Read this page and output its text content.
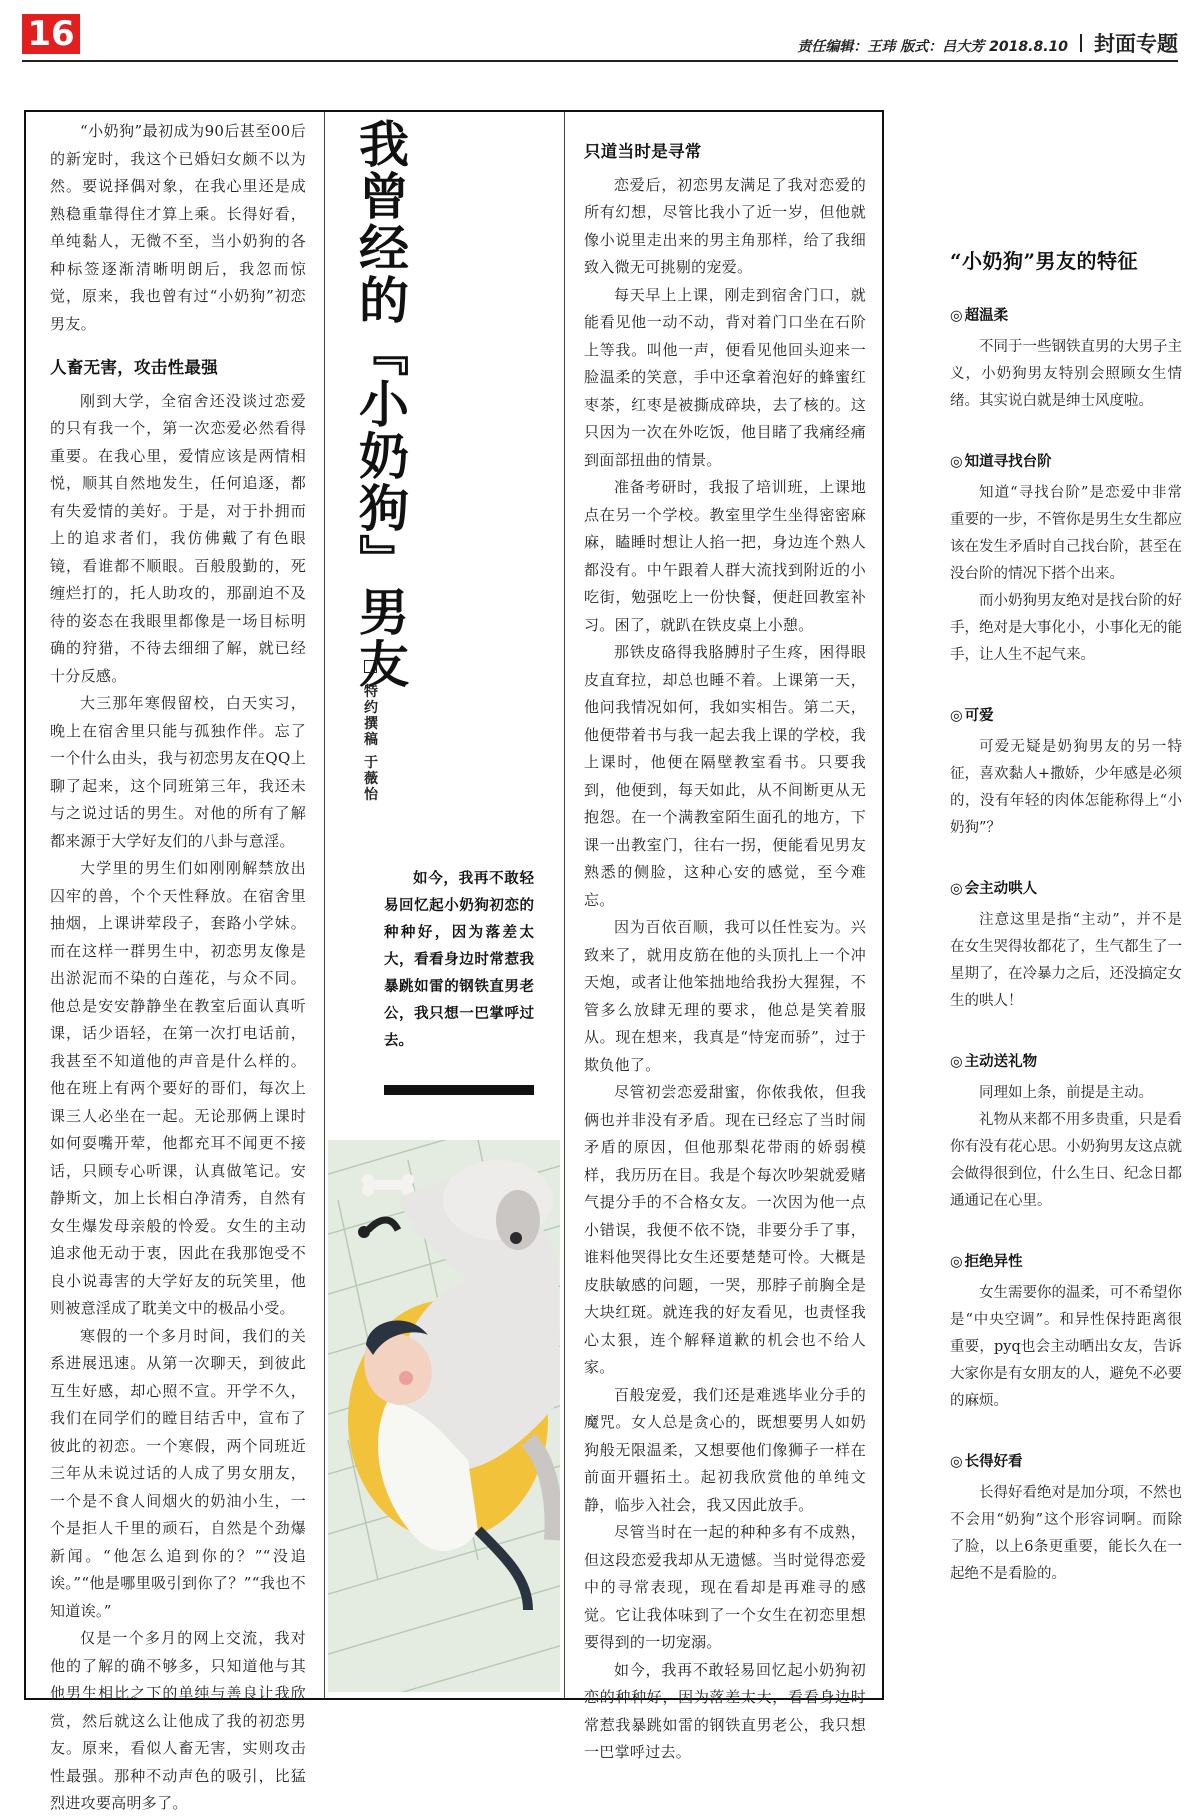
16	责任编辑：王玮 版式：吕大芳 2018.8.10 封面专题

“小奶狗”最初成为90后甚至00后的新宠时，我这个已婚妇女颇不以为然。要说择偶对象，在我心里还是成熟稳重靠得住才算上乘。长得好看，单纯黏人，无微不至，当小奶狗的各种标签逐渐清晰明朗后，我忽而惊觉，原来，我也曾有过“小奶狗”初恋男友。

人畜无害，攻击性最强

刚到大学，全宿舍还没谈过恋爱的只有我一个，第一次恋爱必然看得重要。在我心里，爱情应该是两情相悦，顺其自然地发生，任何追逐，都有失爱情的美好。于是，对于扑拥而上的追求者们，我仿佛戴了有色眼镜，看谁都不顺眼。百般殷勤的，死缠烂打的，托人助攻的，那副迫不及待的姿态在我眼里都像是一场目标明确的狩猎，不待去细细了解，就已经十分反感。

大三那年寒假留校，白天实习，晚上在宿舍里只能与孤独作伴。忘了一个什么由头，我与初恋男友在QQ上聊了起来，这个同班第三年，我还未与之说过话的男生。对他的所有了解都来源于大学好友们的八卦与意淫。

大学里的男生们如刚刚解禁放出囚牢的兽，个个天性释放。在宿舍里抽烟，上课讲荤段子，套路小学妹。而在这样一群男生中，初恋男友像是出淤泥而不染的白莲花，与众不同。他总是安安静静坐在教室后面认真听课，话少语轻，在第一次打电话前，我甚至不知道他的声音是什么样的。他在班上有两个要好的哥们，每次上课三人必坐在一起。无论那俩上课时如何耍嘴开荤，他都充耳不闻更不接话，只顾专心听课，认真做笔记。安静斯文，加上长相白净清秀，自然有女生爆发母亲般的怜爱。女生的主动追求他无动于衷，因此在我那饱受不良小说毒害的大学好友的玩笑里，他则被意淫成了耽美文中的极品小受。

寒假的一个多月时间，我们的关系进展迅速。从第一次聊天，到彼此互生好感，却心照不宣。开学不久，我们在同学们的瞠目结舌中，宣布了彼此的初恋。一个寒假，两个同班近三年从未说过话的人成了男女朋友，一个是不食人间烟火的奶油小生，一个是拒人千里的顽石，自然是个劲爆新闻。“他怎么追到你的？”“没追诶。”“他是哪里吸引到你了？”“我也不知道诶。”

仅是一个多月的网上交流，我对他的了解的确不够多，只知道他与其他男生相比之下的单纯与善良让我欣赏，然后就这么让他成了我的初恋男友。原来，看似人畜无害，实则攻击性最强。那种不动声色的吸引，比猛烈进攻要高明多了。

我曾经的『小奶狗』男友
特约撰稿 于薇怡
如今，我再不敢轻易回忆起小奶狗初恋的种种好，因为落差太大，看看身边时常惹我暴跳如雷的钢铁直男老公，我只想一巴掌呼过去。
只道当时是寻常

恋爱后，初恋男友满足了我对恋爱的所有幻想，尽管比我小了近一岁，但他就像小说里走出来的男主角那样，给了我细致入微无可挑剔的宠爱。

每天早上上课，刚走到宿舍门口，就能看见他一动不动，背对着门口坐在石阶上等我。叫他一声，便看见他回头迎来一脸温柔的笑意，手中还拿着泡好的蜂蜜红枣茶，红枣是被撕成碎块，去了核的。这只因为一次在外吃饭，他目睹了我痛经痛到面部扭曲的情景。

准备考研时，我报了培训班，上课地点在另一个学校。教室里学生坐得密密麻麻，瞌睡时想让人掐一把，身边连个熟人都没有。中午跟着人群大流找到附近的小吃街，勉强吃上一份快餐，便赶回教室补习。困了，就趴在铁皮桌上小憩。

那铁皮硌得我胳膊肘子生疼，困得眼皮直耷拉，却总也睡不着。上课第一天，他问我情况如何，我如实相告。第二天，他便带着书与我一起去我上课的学校，我上课时，他便在隔壁教室看书。只要我到，他便到，每天如此，从不间断更从无抱怨。在一个满教室陌生面孔的地方，下课一出教室门，往右一拐，便能看见男友熟悉的侧脸，这种心安的感觉，至今难忘。

因为百依百顺，我可以任性妄为。兴致来了，就用皮筋在他的头顶扎上一个冲天炮，或者让他笨拙地给我扮大猩猩，不管多么放肆无理的要求，他总是笑着服从。现在想来，我真是“恃宠而骄”，过于欺负他了。

尽管初尝恋爱甜蜜，你侬我侬，但我俩也并非没有矛盾。现在已经忘了当时闹矛盾的原因，但他那梨花带雨的娇弱模样，我历历在目。我是个每次吵架就爱赌气提分手的不合格女友。一次因为他一点小错误，我便不依不饶，非要分手了事，谁料他哭得比女生还要楚楚可怜。大概是皮肤敏感的问题，一哭，那脖子前胸全是大块红斑。就连我的好友看见，也责怪我心太狠，连个解释道歉的机会也不给人家。

百般宠爱，我们还是难逃毕业分手的魔咒。女人总是贪心的，既想要男人如奶狗般无限温柔，又想要他们像狮子一样在前面开疆拓土。起初我欣赏他的单纯文静，临步入社会，我又因此放手。

尽管当时在一起的种种多有不成熟，但这段恋爱我却从无遗憾。当时觉得恋爱中的寻常表现，现在看却是再难寻的感觉。它让我体味到了一个女生在初恋里想要得到的一切宠溺。

如今，我再不敢轻易回忆起小奶狗初恋的种种好，因为落差太大，看看身边时常惹我暴跳如雷的钢铁直男老公，我只想一巴掌呼过去。

“小奶狗”男友的特征
◎ 超温柔

不同于一些钢铁直男的大男子主义，小奶狗男友特别会照顾女生情绪。其实说白就是绅士风度啦。

◎ 知道寻找台阶

知道“寻找台阶”是恋爱中非常重要的一步，不管你是男生女生都应该在发生矛盾时自己找台阶，甚至在没台阶的情况下搭个出来。

而小奶狗男友绝对是找台阶的好手，绝对是大事化小，小事化无的能手，让人生不起气来。

◎ 可爱

可爱无疑是奶狗男友的另一特征，喜欢黏人+撒娇，少年感是必须的，没有年轻的肉体怎能称得上“小奶狗”？

◎ 会主动哄人

注意这里是指“主动”，并不是在女生哭得妆都花了，生气都生了一星期了，在冷暴力之后，还没搞定女生的哄人！

◎ 主动送礼物

同理如上条，前提是主动。

礼物从来都不用多贵重，只是看你有没有花心思。小奶狗男友这点就会做得很到位，什么生日、纪念日都通通记在心里。

◎ 拒绝异性

女生需要你的温柔，可不希望你是“中央空调”。和异性保持距离很重要，pyq也会主动晒出女友，告诉大家你是有女朋友的人，避免不必要的麻烦。

◎ 长得好看

长得好看绝对是加分项，不然也不会用“奶狗”这个形容词啊。而除了脸，以上6条更重要，能长久在一起绝不是看脸的。
